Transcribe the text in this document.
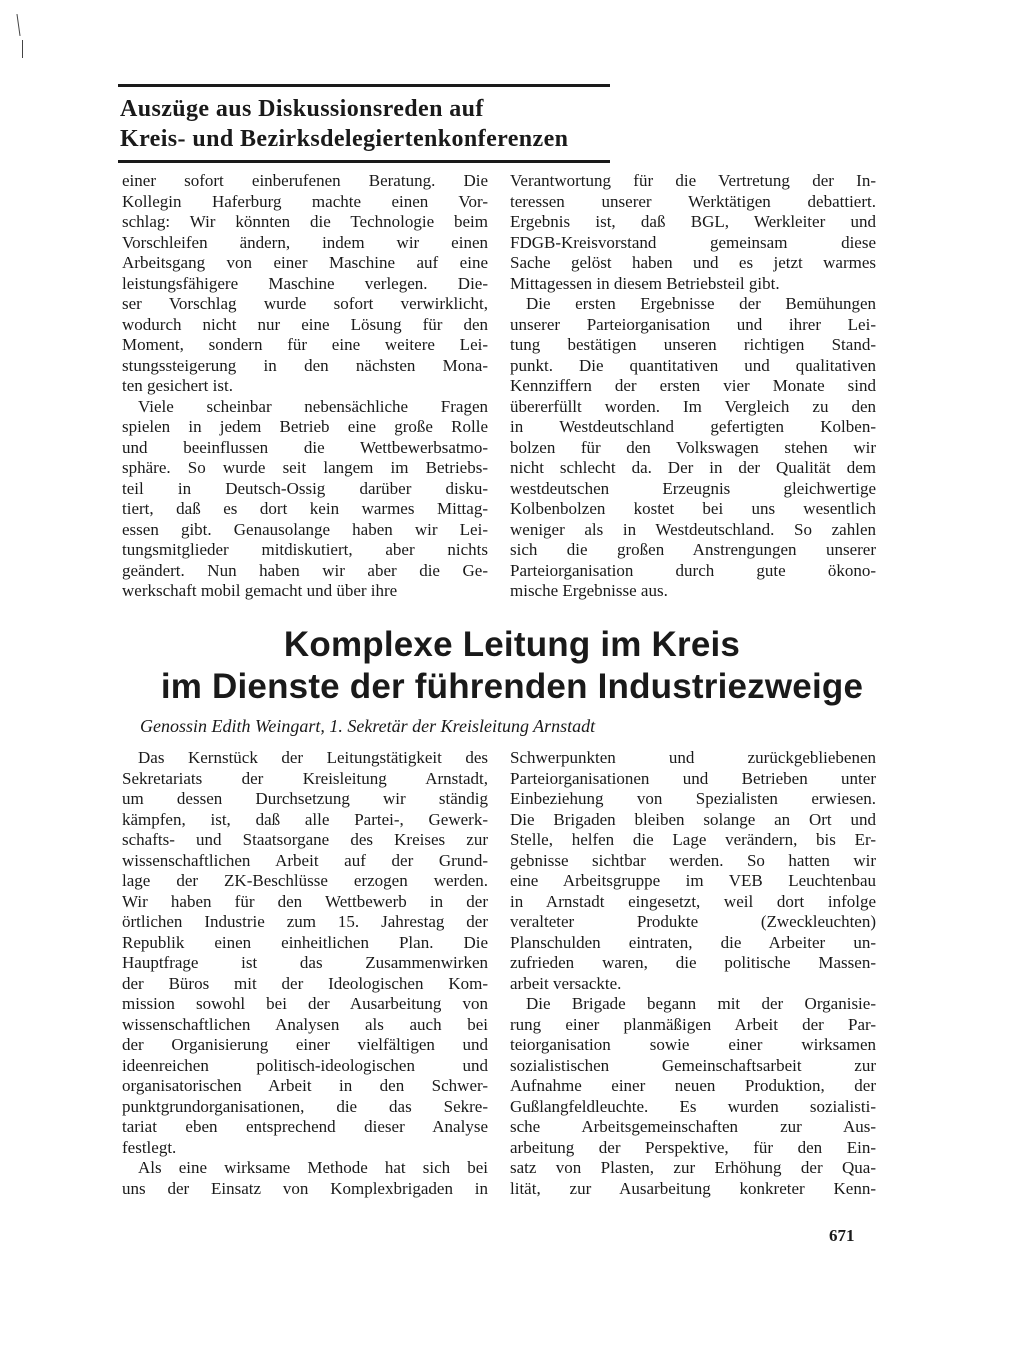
Auszüge aus Diskussionsreden auf
Kreis- und Bezirksdelegiertenkonferenzen
einer sofort einberufenen Beratung. Die
Kollegin Haferburg machte einen Vor-
schlag: Wir könnten die Technologie beim
Vorschleifen ändern, indem wir einen
Arbeitsgang von einer Maschine auf eine
leistungsfähigere Maschine verlegen. Die-
ser Vorschlag wurde sofort verwirklicht,
wodurch nicht nur eine Lösung für den
Moment, sondern für eine weitere Lei-
stungssteigerung in den nächsten Mona-
ten gesichert ist.
Viele scheinbar nebensächliche Fragen
spielen in jedem Betrieb eine große Rolle
und beeinflussen die Wettbewerbsatmo-
sphäre. So wurde seit langem im Betriebs-
teil in Deutsch-Ossig darüber disku-
tiert, daß es dort kein warmes Mittag-
essen gibt. Genausolange haben wir Lei-
tungsmitglieder mitdiskutiert, aber nichts
geändert. Nun haben wir aber die Ge-
werkschaft mobil gemacht und über ihre
Verantwortung für die Vertretung der In-
teressen unserer Werktätigen debattiert.
Ergebnis ist, daß BGL, Werkleiter und
FDGB-Kreisvorstand gemeinsam diese
Sache gelöst haben und es jetzt warmes
Mittagessen in diesem Betriebsteil gibt.
Die ersten Ergebnisse der Bemühungen
unserer Parteiorganisation und ihrer Lei-
tung bestätigen unseren richtigen Stand-
punkt. Die quantitativen und qualitativen
Kennziffern der ersten vier Monate sind
übererfüllt worden. Im Vergleich zu den
in Westdeutschland gefertigten Kolben-
bolzen für den Volkswagen stehen wir
nicht schlecht da. Der in der Qualität dem
westdeutschen Erzeugnis gleichwertige
Kolbenbolzen kostet bei uns wesentlich
weniger als in Westdeutschland. So zahlen
sich die großen Anstrengungen unserer
Parteiorganisation durch gute ökono-
mische Ergebnisse aus.
Komplexe Leitung im Kreis
im Dienste der führenden Industriezweige
Genossin Edith Weingart, 1. Sekretär der Kreisleitung Arnstadt
Das Kernstück der Leitungstätigkeit des
Sekretariats der Kreisleitung Arnstadt,
um dessen Durchsetzung wir ständig
kämpfen, ist, daß alle Partei-, Gewerk-
schafts- und Staatsorgane des Kreises zur
wissenschaftlichen Arbeit auf der Grund-
lage der ZK-Beschlüsse erzogen werden.
Wir haben für den Wettbewerb in der
örtlichen Industrie zum 15. Jahrestag der
Republik einen einheitlichen Plan. Die
Hauptfrage ist das Zusammenwirken
der Büros mit der Ideologischen Kom-
mission sowohl bei der Ausarbeitung von
wissenschaftlichen Analysen als auch bei
der Organisierung einer vielfältigen und
ideenreichen politisch-ideologischen und
organisatorischen Arbeit in den Schwer-
punktgrundorganisationen, die das Sekre-
tariat eben entsprechend dieser Analyse
festlegt.
Als eine wirksame Methode hat sich bei
uns der Einsatz von Komplexbrigaden in
Schwerpunkten und zurückgebliebenen
Parteiorganisationen und Betrieben unter
Einbeziehung von Spezialisten erwiesen.
Die Brigaden bleiben solange an Ort und
Stelle, helfen die Lage verändern, bis Er-
gebnisse sichtbar werden. So hatten wir
eine Arbeitsgruppe im VEB Leuchtenbau
in Arnstadt eingesetzt, weil dort infolge
veralteter Produkte (Zweckleuchten)
Planschulden eintraten, die Arbeiter un-
zufrieden waren, die politische Massen-
arbeit versackte.
Die Brigade begann mit der Organisie-
rung einer planmäßigen Arbeit der Par-
teiorganisation sowie einer wirksamen
sozialistischen Gemeinschaftsarbeit zur
Aufnahme einer neuen Produktion, der
Gußlangfeldleuchte. Es wurden sozialisti-
sche Arbeitsgemeinschaften zur Aus-
arbeitung der Perspektive, für den Ein-
satz von Plasten, zur Erhöhung der Qua-
lität, zur Ausarbeitung konkreter Kenn-
671
